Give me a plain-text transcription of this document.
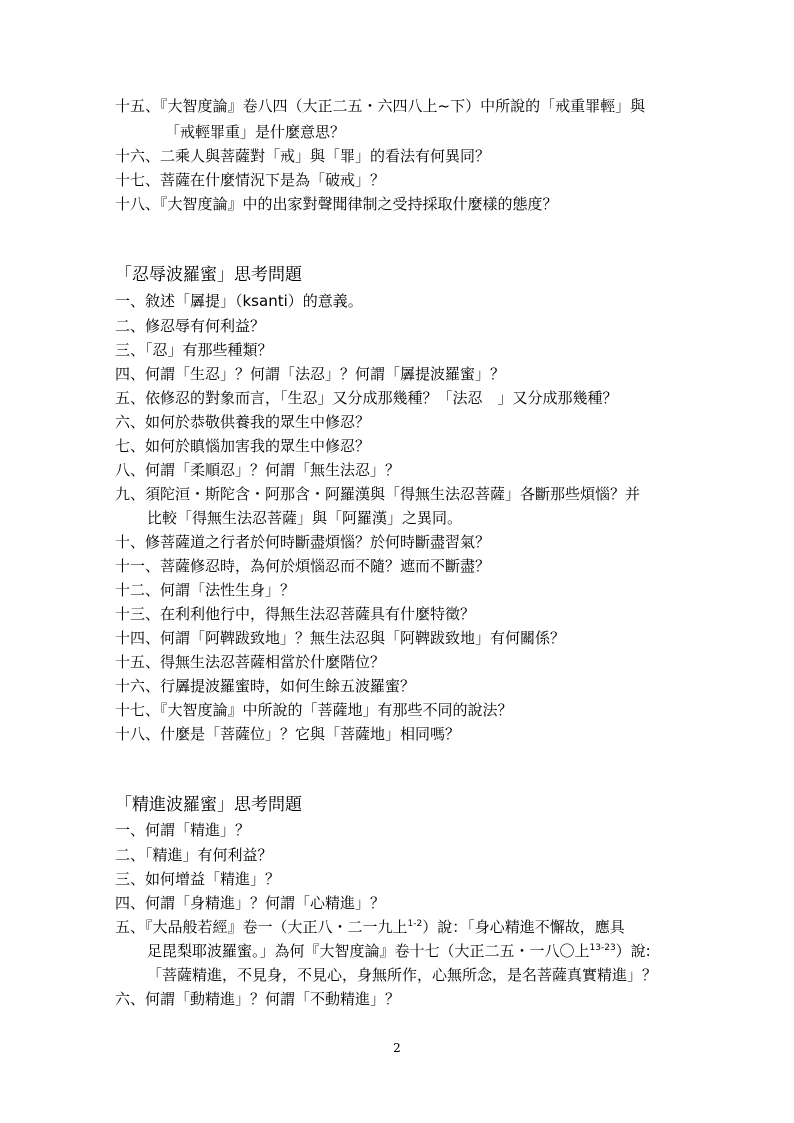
十五、『大智度論』卷八四（大正二五・六四八上~下）中所說的「戒重罪輕」與
「戒輕罪重」是什麼意思？
十六、二乘人與菩薩對「戒」與「罪」的看法有何異同？
十七、菩薩在什麼情況下是為「破戒」？
十八、『大智度論』中的出家對聲聞律制之受持採取什麼樣的態度？
「忍辱波羅蜜」思考問題
一、敘述「羼提」（ksanti）的意義。
二、修忍辱有何利益？
三、「忍」有那些種類？
四、何謂「生忍」？何謂「法忍」？何謂「羼提波羅蜜」？
五、依修忍的對象而言，「生忍」又分成那幾種？「法忍　」又分成那幾種？
六、如何於恭敬供養我的眾生中修忍？
七、如何於瞋惱加害我的眾生中修忍？
八、何謂「柔順忍」？何謂「無生法忍」？
九、須陀洹・斯陀含・阿那含・阿羅漢與「得無生法忍菩薩」各斷那些煩惱？并
比較「得無生法忍菩薩」與「阿羅漢」之異同。
十、修菩薩道之行者於何時斷盡煩惱？於何時斷盡習氣？
十一、菩薩修忍時，為何於煩惱忍而不隨？遮而不斷盡？
十二、何謂「法性生身」？
十三、在利利他行中，得無生法忍菩薩具有什麼特徵？
十四、何謂「阿鞞跋致地」？無生法忍與「阿鞞跋致地」有何關係？
十五、得無生法忍菩薩相當於什麼階位？
十六、行羼提波羅蜜時，如何生餘五波羅蜜？
十七、『大智度論』中所說的「菩薩地」有那些不同的說法？
十八、什麼是「菩薩位」？它與「菩薩地」相同嗎？
「精進波羅蜜」思考問題
一、何謂「精進」？
二、「精進」有何利益？
三、如何增益「精進」？
四、何謂「身精進」？何謂「心精進」？
五、『大品般若經』卷一（大正八・二一九上$^{1-2}$）說：「身心精進不懈故，應具
足毘梨耶波羅蜜。」為何『大智度論』卷十七（大正二五・一八〇上$^{13-23}$）說:
「菩薩精進，不見身，不見心，身無所作，心無所念，是名菩薩真實精進」？
六、何謂「動精進」？何謂「不動精進」？
2
